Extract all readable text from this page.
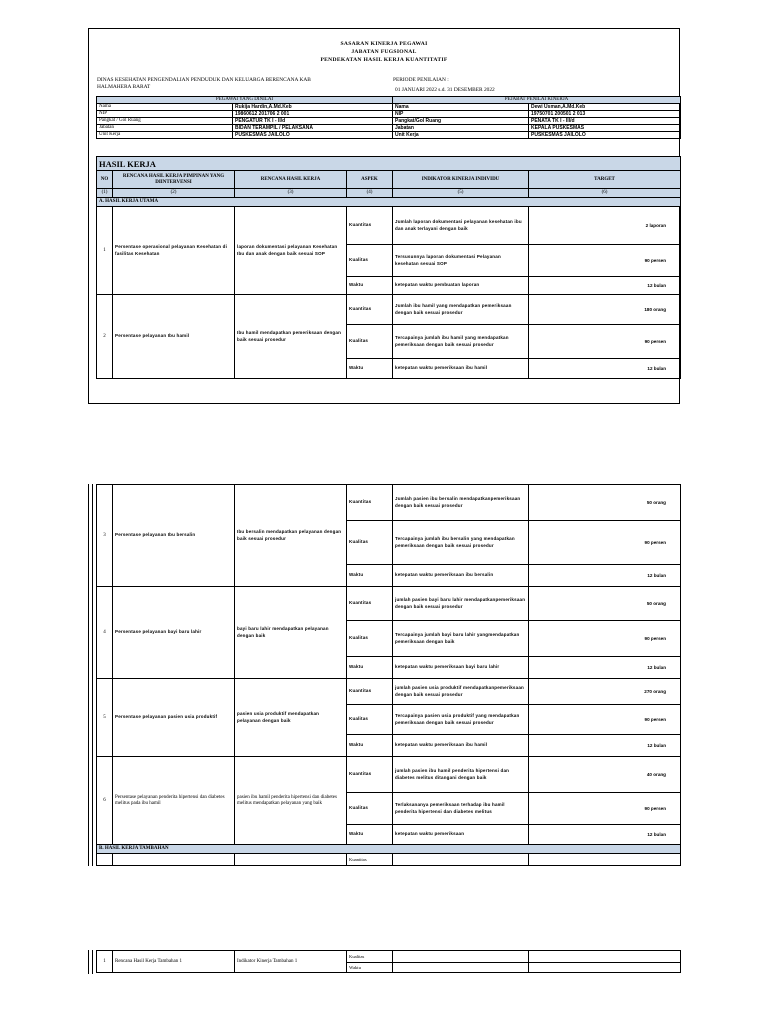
SASARAN KINERJA PEGAWAI
JABATAN FUGSIONAL
PENDEKATAN HASIL KERJA KUANTITATIF
DINAS KESEHATAN PENGENDALIAN PENDUDUK DAN KELUARGA BERENCANA KAB
HALMAHERA BARAT
PERIODE PENILAIAN :
01 JANUARI 2022 s.d. 31 DESEMBER 2022
PEGAWAI YANG DINILAI		PEJABAT PENILAI KINERJA	
Nama	Rukija Hardin,A.Md.Keb	Nama	Dewi Usman,A.Md.Keb
NIP	19860612 201706 2 001	NIP	19750701 200501 2 013
Pangkat / Gol Ruang	PENGATUR TK I - II/d	Pangkat/Gol Ruang	PENATA TK I - III/d
Jabatan	BIDAN TERAMPIL / PELAKSANA	Jabatan	KEPALA PUSKESMAS
Unit Kerja	PUSKESMAS JAILOLO	Unit Kerja	PUSKESMAS JAILOLO
HASIL KERJA					
NO	RENCANA HASIL KERJA PIMPINAN YANG DIINTERVENSI	RENCANA HASIL KERJA	ASPEK	INDIKATOR KINERJA INDIVIDU	TARGET
(1)	(2)	(3)	(4)	(5)	(6)
A. HASIL KERJA UTAMA					
1	Persentase operasional pelayanan Kesehatan di fasilitas Kesehatan	laporan dokumentasi pelayanan Kesehatan Ibu dan anak dengan baik sesuai SOP	Kuantitas	Jumlah laporan dokumentasi pelayanan kesehatan ibu dan anak terlayani dengan baik	2 laporan
			Kualitas	Tersusunnya laporan dokumentasi Pelayanan kesehatan sesuai SOP	90 persen
			Waktu	ketepatan waktu pembuatan laporan	12 bulan
2	Persentase pelayanan Ibu hamil	Ibu hamil mendapatkan pemeriksaan dengan baik sesuai prosedur	Kuantitas	Jumlah ibu hamil yang mendapatkan pemeriksaan dengan baik sesuai prosedur	180 orang
			Kualitas	Tercapainya jumlah ibu hamil yang mendapatkan pemeriksaan dengan baik sesuai prosedur	90 persen
			Waktu	ketepatan waktu pemeriksaan ibu hamil	12 bulan
3	Persentase pelayanan Ibu bersalin	Ibu bersalin mendapatkan pelayanan dengan baik sesuai prosedur	Kuantitas	Jumlah pasien ibu bersalin mendapatkanpemeriksaan dengan baik sesuai prosedur	50 orang
			Kualitas	Tercapainya jumlah ibu bersalin yang mendapatkan pemeriksaan dengan baik sesuai prosedur	90 persen
			Waktu	ketepatan waktu pemeriksaan ibu bersalin	12 bulan
4	Persentase pelayanan bayi baru lahir	bayi baru lahir mendapatkan pelayanan dengan baik	Kuantitas	jumlah pasien bayi baru lahir mendapatkanpemeriksaan dengan baik sesuai prosedur	50 orang
			Kualitas	Tercapainya jumlah bayi baru lahir yangmendapatkan pemeriksaan dengan baik	90 persen
			Waktu	ketepatan waktu pemeriksaan bayi baru lahir	12 bulan
5	Persentase pelayanan pasien usia produktif	pasien usia produktif mendapatkan pelayanan dengan baik	Kuantitas	jumlah pasien usia produktif mendapatkanpemeriksaan dengan baik sesuai prosedur	270 orang
			Kualitas	Tercapainya pasien usia produktif yang mendapatkan pemeriksaan dengan baik sesuai prosedur	90 persen
			Waktu	ketepatan waktu pemeriksaan ibu hamil	12 bulan
6	Persentase pelayanan penderita hipertensi dan diabetes melitus pada ibu hamil	pasien ibu hamil penderita hipertensi dan diabetes melitus mendapatkan pelayanan yang baik	Kuantitas	jumlah pasien ibu hamil penderita hipertensi dan diabetes melitus ditangani dengan baik	40 orang
			Kualitas	Terlaksananya pemeriksaan terhadap ibu hamil penderita hipertensi dan diabetes melitus	90 persen
			Waktu	ketepatan waktu pemeriksaan	12 bulan
B. HASIL KERJA TAMBAHAN					
			Kuantitas		
1	Rencana Hasil Kerja Tambahan 1	Indikator Kinerja Tambahan 1	Kualitas		
			Waktu		
